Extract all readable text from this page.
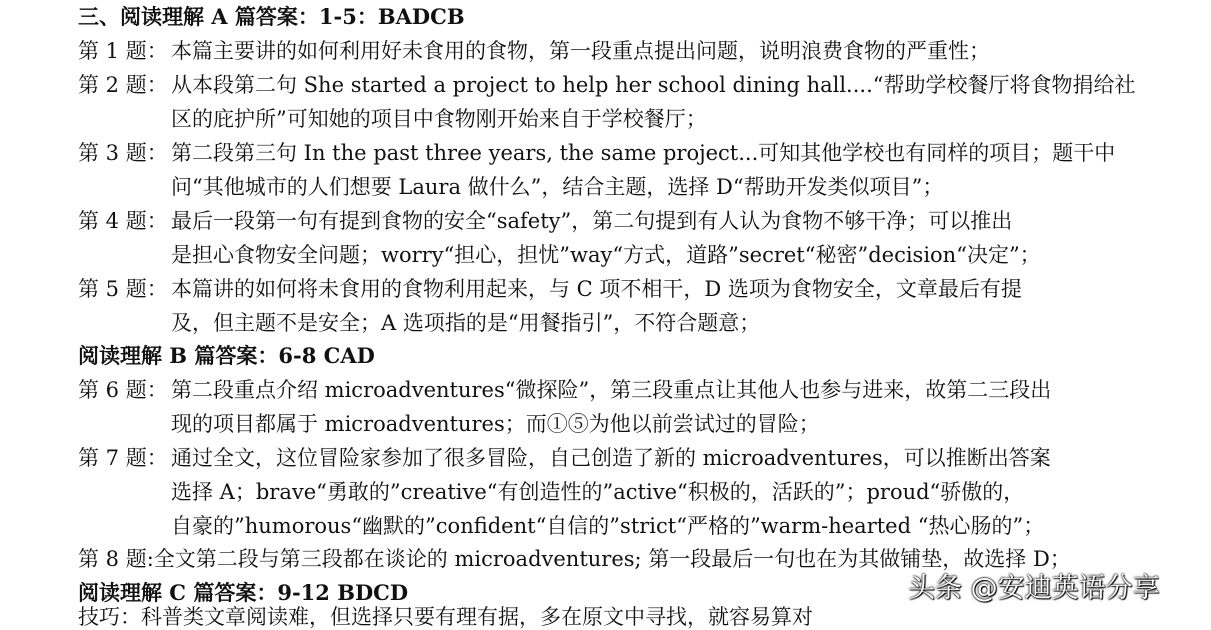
三、阅读理解 A 篇答案：1-5：BADCB
第 1 题： 本篇主要讲的如何利用好未食用的食物，第一段重点提出问题，说明浪费食物的严重性；
第 2 题： 从本段第二句 She started a project to help her school dining hall....“帮助学校餐厅将食物捐给社
区的庇护所”可知她的项目中食物刚开始来自于学校餐厅；
第 3 题： 第二段第三句 In the past three years, the same project...可知其他学校也有同样的项目；题干中
问“其他城市的人们想要 Laura 做什么”，结合主题，选择 D“帮助开发类似项目”；
第 4 题： 最后一段第一句有提到食物的安全“safety”，第二句提到有人认为食物不够干净；可以推出
是担心食物安全问题；worry“担心，担忧”way“方式，道路”secret“秘密”decision“决定”；
第 5 题： 本篇讲的如何将未食用的食物利用起来，与 C 项不相干，D 选项为食物安全，文章最后有提
及，但主题不是安全；A 选项指的是“用餐指引”，不符合题意；
阅读理解 B 篇答案：6-8 CAD
第 6 题： 第二段重点介绍 microadventures“微探险”，第三段重点让其他人也参与进来，故第二三段出
现的项目都属于 microadventures；而①⑤为他以前尝试过的冒险；
第 7 题： 通过全文，这位冒险家参加了很多冒险，自己创造了新的 microadventures，可以推断出答案
选择 A；brave“勇敢的”creative“有创造性的”active“积极的，活跃的”；proud“骄傲的，
自豪的”humorous“幽默的”confident“自信的”strict“严格的”warm-hearted “热心肠的”；
第 8 题:全文第二段与第三段都在谈论的 microadventures; 第一段最后一句也在为其做铺垫，故选择 D；
阅读理解 C 篇答案：9-12 BDCD
技巧：科普类文章阅读难，但选择只要有理有据，多在原文中寻找，就容易算对
头条 @安迪英语分享
